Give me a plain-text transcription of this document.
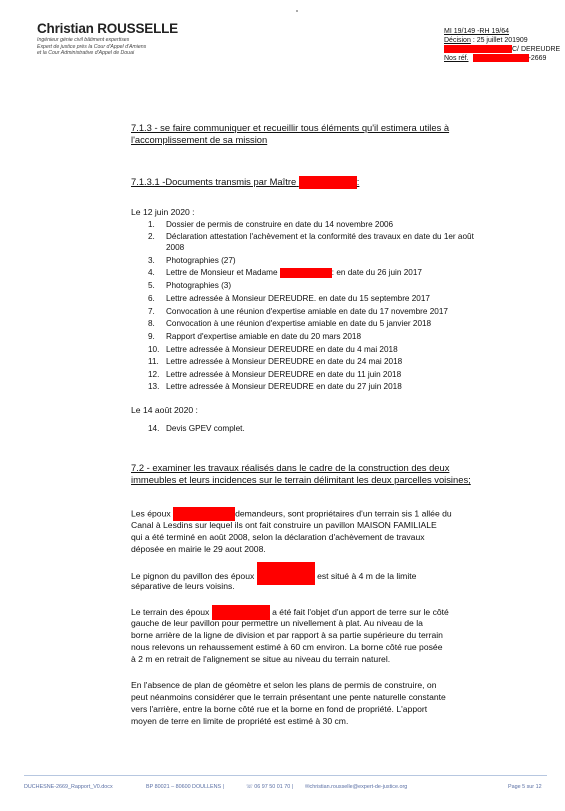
Christian ROUSSELLE
Ingénieur génie civil bâtiment expertises
Expert de justice près la Cour d'Appel d'Amiens
et la Cour Administrative d'Appel de Douai
MI 19/149 -RH 19/64
Décision : 25 juillet 201909
C/ DEREUDRE
Nos réf.	-2669
7.1.3 - se faire communiquer et recueillir tous éléments qu'il estimera utiles à
l'accomplissement de sa mission
7.1.3.1 -Documents transmis par Maître	:
Le 12 juin 2020 :
1. Dossier de permis de construire en date du 14 novembre 2006
2. Déclaration attestation l'achèvement et la conformité des travaux en date du 1er août
2008
3. Photographies (27)
4. Lettre de Monsieur et Madame	: en date du 26 juin 2017
5. Photographies (3)
6. Lettre adressée à Monsieur DEREUDRE. en date du 15 septembre 2017
7. Convocation à une réunion d'expertise amiable en date du 17 novembre 2017
8. Convocation à une réunion d'expertise amiable en date du 5 janvier 2018
9. Rapport d'expertise amiable en date du 20 mars 2018
10. Lettre adressée à Monsieur DEREUDRE en date du 4 mai 2018
11. Lettre adressée à Monsieur DEREUDRE en date du 24 mai 2018
12. Lettre adressée à Monsieur DEREUDRE en date du 11 juin 2018
13. Lettre adressée à Monsieur DEREUDRE en date du 27 juin 2018
Le 14 août 2020 :
14. Devis GPEV complet.
7.2 - examiner les travaux réalisés dans le cadre de la construction des deux
immeubles et leurs incidences sur le terrain délimitant les deux parcelles voisines;
Les époux	demandeurs, sont propriétaires d'un terrain sis 1 allée du
Canal à Lesdins sur lequel ils ont fait construire un pavillon MAISON FAMILIALE
qui a été terminé en août 2008, selon la déclaration d'achèvement de travaux
déposée en mairie le 29 aout 2008.
Le pignon du pavillon des époux	est situé à 4 m de la limite
séparative de leurs voisins.
Le terrain des époux	a été fait l'objet d'un apport de terre sur le côté
gauche de leur pavillon pour permettre un nivellement à plat. Au niveau de la
borne arrière de la ligne de division et par rapport à sa partie supérieure du terrain
nous relevons un rehaussement estimé à 60 cm environ. La borne côté rue posée
à 2 m en retrait de l'alignement se situe au niveau du terrain naturel.
En l'absence de plan de géomètre et selon les plans de permis de construire, on
peut néanmoins considérer que le terrain présentant une pente naturelle constante
vers l'arrière, entre la borne côté rue et la borne en fond de propriété. L'apport
moyen de terre en limite de propriété est estimé à 30 cm.
DUCHESNE-2669_Rapport_V0.docx	BP 80021 – 80600 DOULLENS |	☏ 06 97 50 01 70 | ✉christian.rousselle@expert-de-justice.org	Page 5 sur 12
